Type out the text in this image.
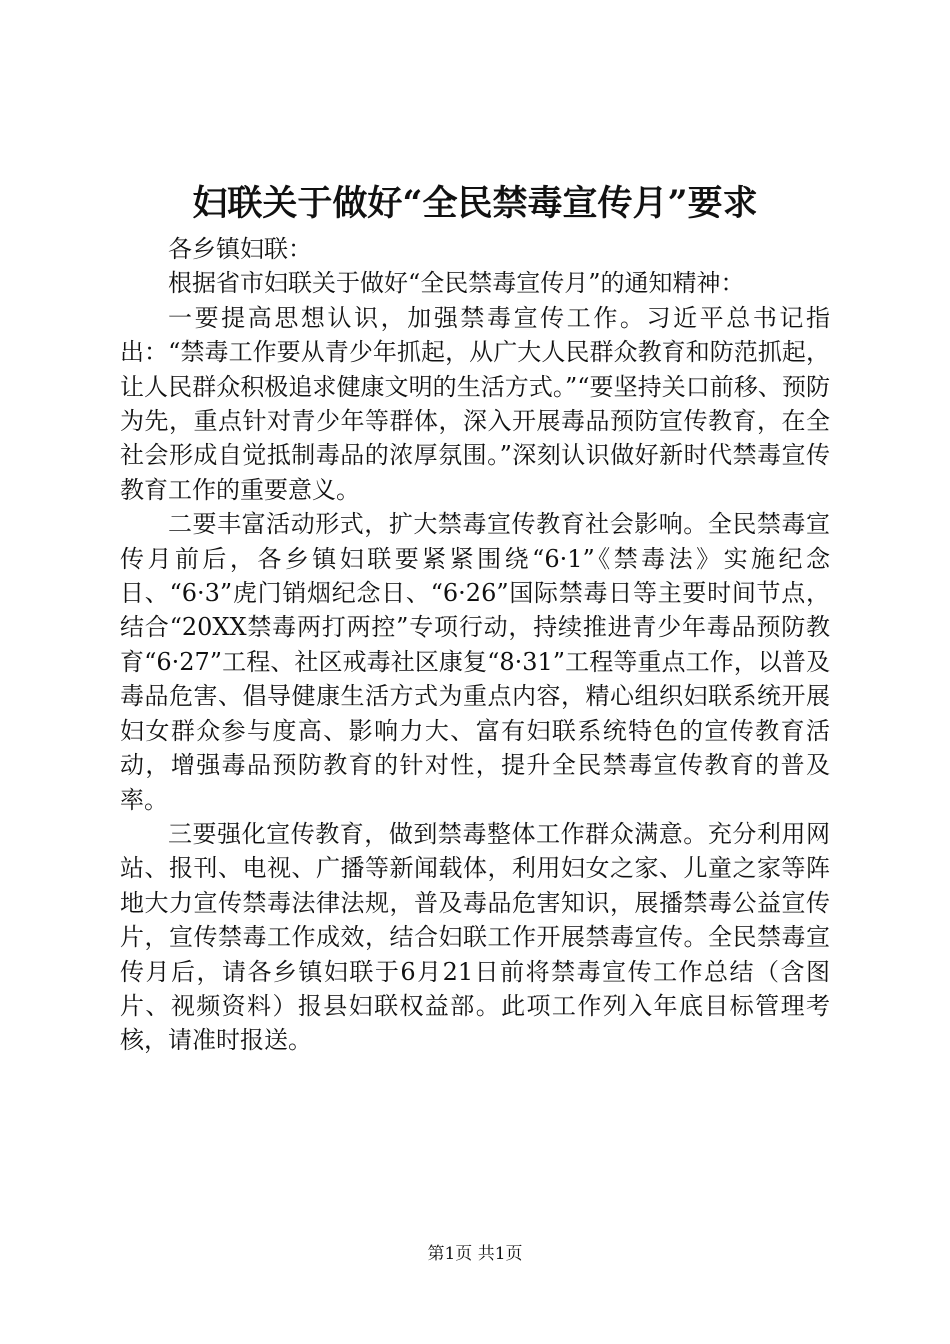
妇联关于做好“全民禁毒宣传月”要求

各乡镇妇联：

根据省市妇联关于做好“全民禁毒宣传月”的通知精神：

一要提高思想认识，加强禁毒宣传工作。习近平总书记指出：“禁毒工作要从青少年抓起，从广大人民群众教育和防范抓起，让人民群众积极追求健康文明的生活方式。”“要坚持关口前移、预防为先，重点针对青少年等群体，深入开展毒品预防宣传教育，在全社会形成自觉抵制毒品的浓厚氛围。”深刻认识做好新时代禁毒宣传教育工作的重要意义。

二要丰富活动形式，扩大禁毒宣传教育社会影响。全民禁毒宣传月前后，各乡镇妇联要紧紧围绕“6·1”《禁毒法》实施纪念日、“6·3”虎门销烟纪念日、“6·26”国际禁毒日等主要时间节点，结合“20XX禁毒两打两控”专项行动，持续推进青少年毒品预防教育“6·27”工程、社区戒毒社区康复“8·31”工程等重点工作，以普及毒品危害、倡导健康生活方式为重点内容，精心组织妇联系统开展妇女群众参与度高、影响力大、富有妇联系统特色的宣传教育活动，增强毒品预防教育的针对性，提升全民禁毒宣传教育的普及率。

三要强化宣传教育，做到禁毒整体工作群众满意。充分利用网站、报刊、电视、广播等新闻载体，利用妇女之家、儿童之家等阵地大力宣传禁毒法律法规，普及毒品危害知识，展播禁毒公益宣传片，宣传禁毒工作成效，结合妇联工作开展禁毒宣传。全民禁毒宣传月后，请各乡镇妇联于6月21日前将禁毒宣传工作总结（含图片、视频资料）报县妇联权益部。此项工作列入年底目标管理考核，请准时报送。

第1页 共1页
